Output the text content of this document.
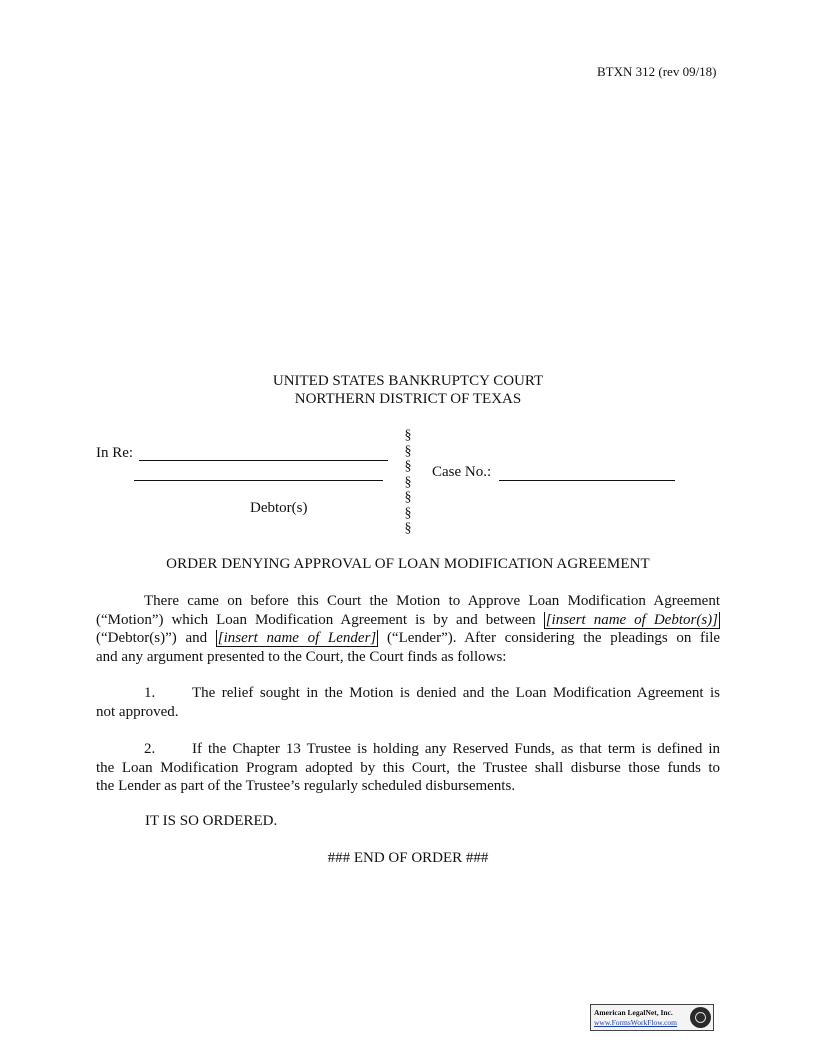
BTXN 312 (rev 09/18)
UNITED STATES BANKRUPTCY COURT
NORTHERN DISTRICT OF TEXAS
In Re:
Debtor(s)
§
§
§
§
§
§
§
Case No.:
ORDER DENYING APPROVAL OF LOAN MODIFICATION AGREEMENT
There came on before this Court the Motion to Approve Loan Modification Agreement
(“Motion”) which Loan Modification Agreement is by and between [insert name of Debtor(s)]
(“Debtor(s)”) and [insert name of Lender] (“Lender”). After considering the pleadings on file
and any argument presented to the Court, the Court finds as follows:
1. The relief sought in the Motion is denied and the Loan Modification Agreement is
not approved.
2. If the Chapter 13 Trustee is holding any Reserved Funds, as that term is defined in
the Loan Modification Program adopted by this Court, the Trustee shall disburse those funds to
the Lender as part of the Trustee’s regularly scheduled disbursements.
IT IS SO ORDERED.
### END OF ORDER ###
American LegalNet, Inc.
www.FormsWorkFlow.com
